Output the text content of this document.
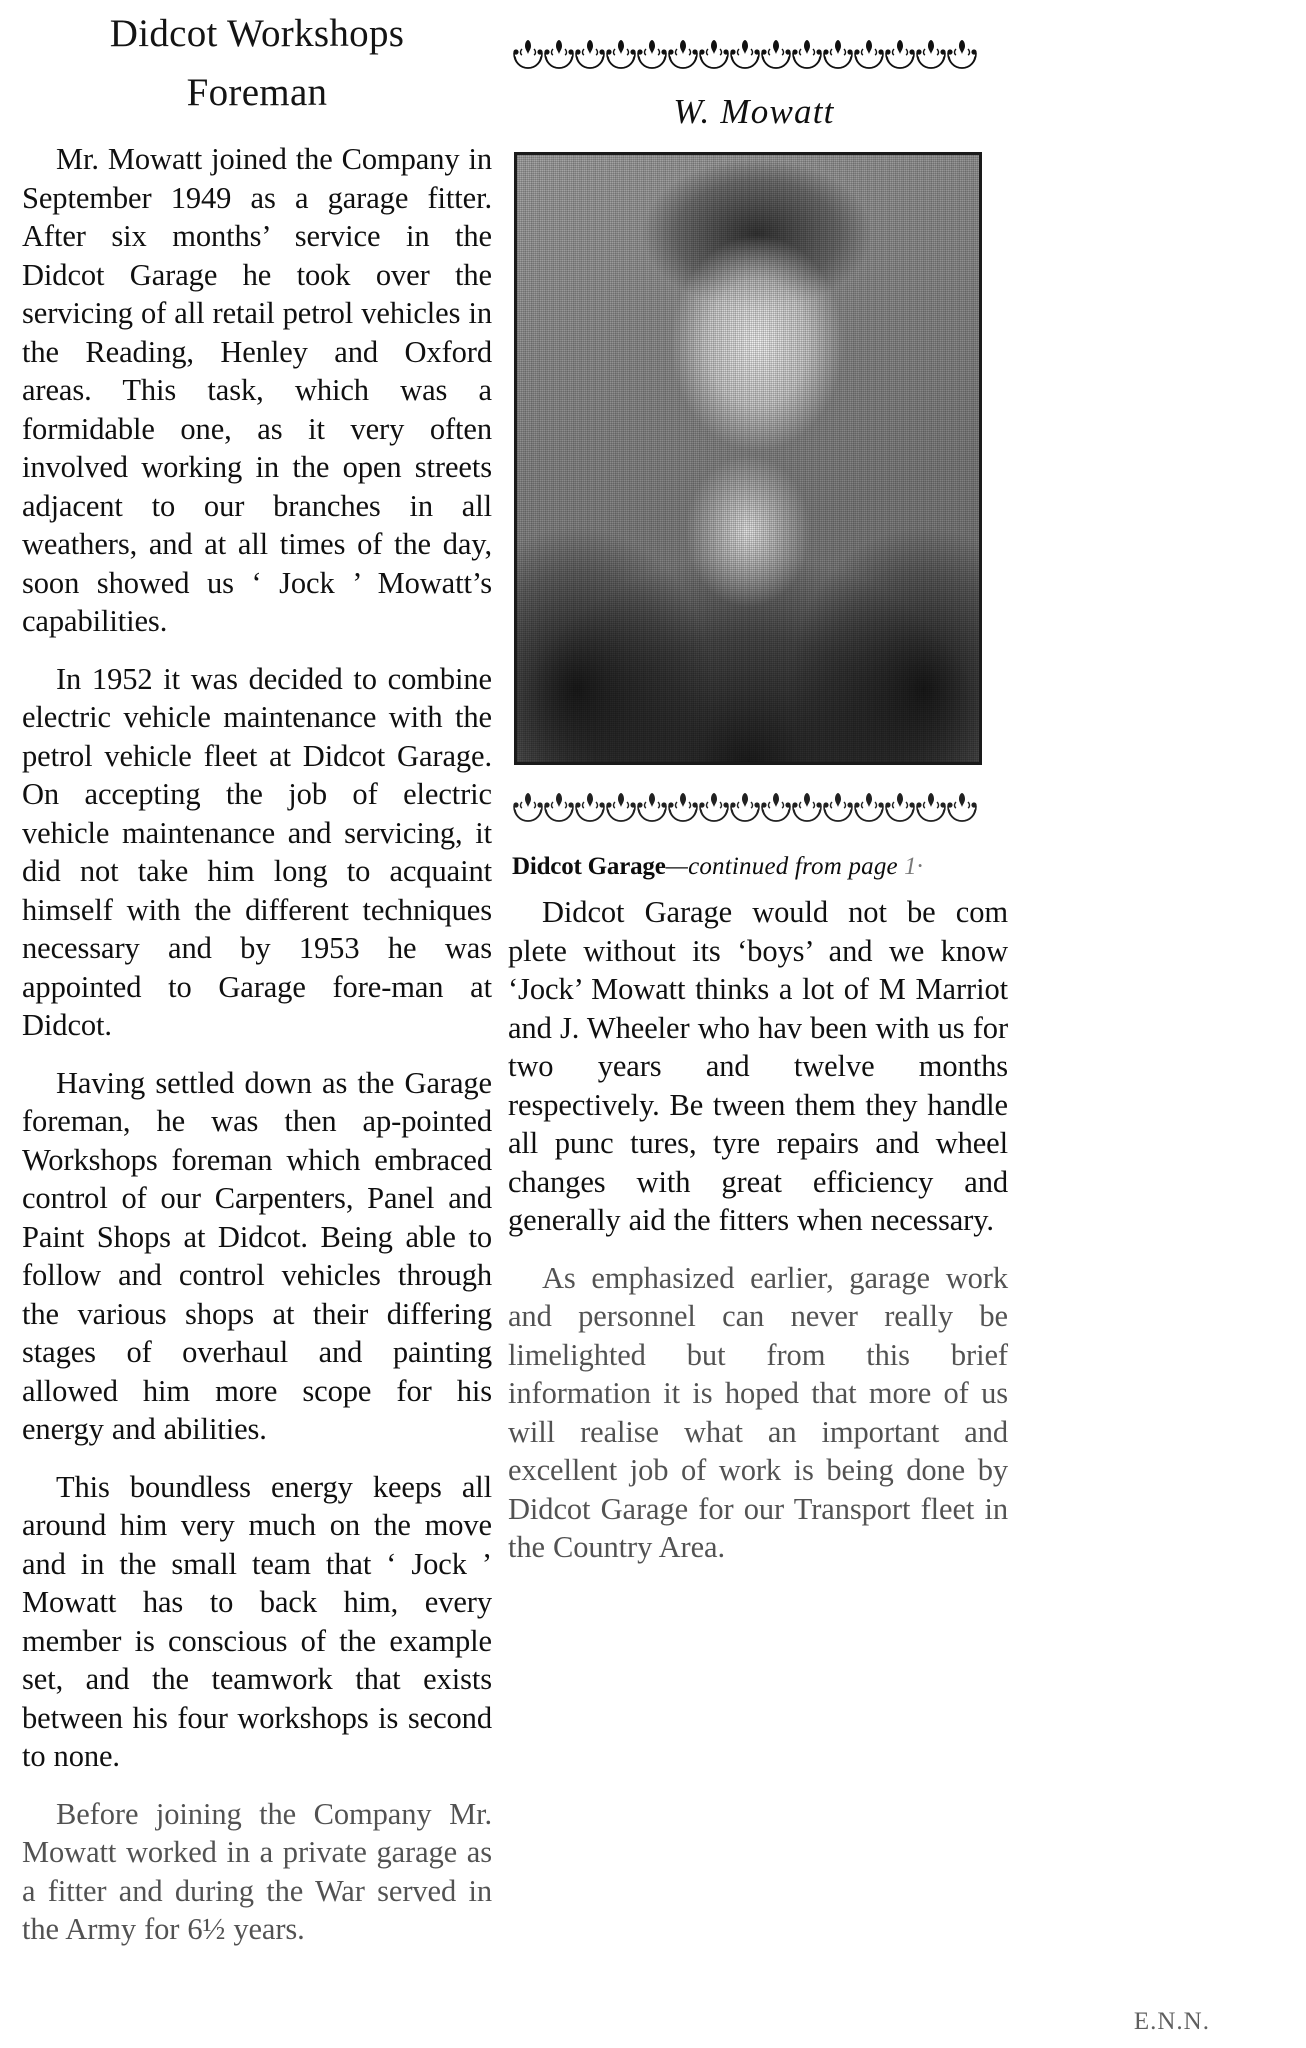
Didcot Workshops
Foreman

Mr. Mowatt joined the Company in September 1949 as a garage fitter. After six months’ service in the Didcot Garage he took over the servicing of all retail petrol vehicles in the Reading, Henley and Oxford areas. This task, which was a formidable one, as it very often involved working in the open streets adjacent to our branches in all weathers, and at all times of the day, soon showed us ‘ Jock ’ Mowatt’s capabilities.

In 1952 it was decided to combine electric vehicle maintenance with the petrol vehicle fleet at Didcot Garage. On accepting the job of electric vehicle maintenance and servicing, it did not take him long to acquaint himself with the different techniques necessary and by 1953 he was appointed to Garage fore-man at Didcot.

Having settled down as the Garage foreman, he was then ap-pointed Workshops foreman which embraced control of our Carpenters, Panel and Paint Shops at Didcot. Being able to follow and control vehicles through the various shops at their differing stages of overhaul and painting allowed him more scope for his energy and abilities.

This boundless energy keeps all around him very much on the move and in the small team that ‘ Jock ’ Mowatt has to back him, every member is conscious of the example set, and the teamwork that exists between his four workshops is second to none.

Before joining the Company Mr. Mowatt worked in a private garage as a fitter and during the War served in the Army for 6½ years.

W. Mowatt
Didcot Garage—continued from page 1·

Didcot Garage would not be com plete without its ‘boys’ and we know ‘Jock’ Mowatt thinks a lot of M Marriot and J. Wheeler who hav been with us for two years and twelve months respectively. Be tween them they handle all punc tures, tyre repairs and wheel changes with great efficiency and generally aid the fitters when necessary.

As emphasized earlier, garage work and personnel can never really be limelighted but from this brief information it is hoped that more of us will realise what an important and excellent job of work is being done by Didcot Garage for our Transport fleet in the Country Area.

E.N.N.
